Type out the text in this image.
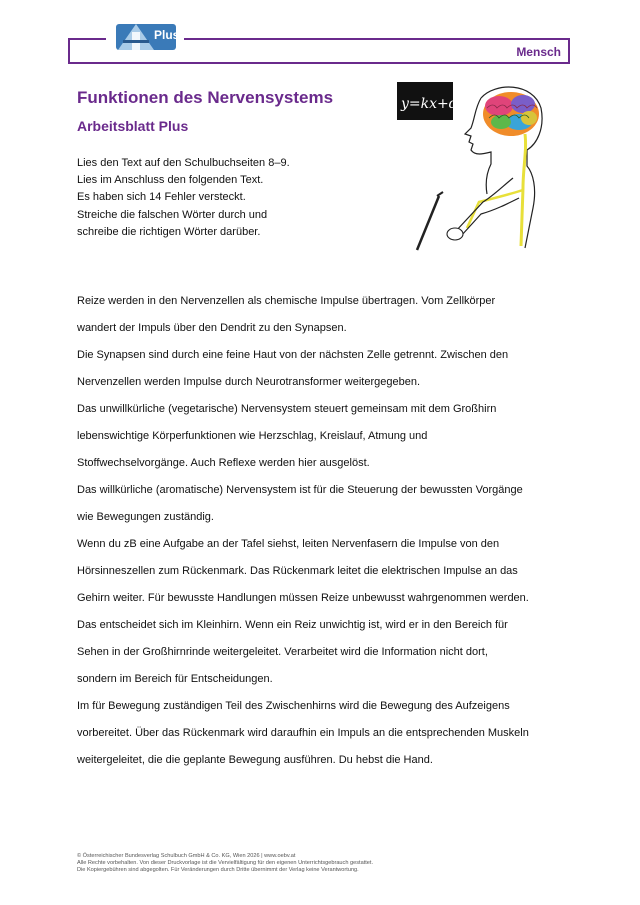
Mensch
Plus
Funktionen des Nervensystems
Arbeitsblatt Plus
Lies den Text auf den Schulbuchseiten 8–9.
Lies im Anschluss den folgenden Text.
Es haben sich 14 Fehler versteckt.
Streiche die falschen Wörter durch und
schreibe die richtigen Wörter darüber.
y=kx+d
Reize werden in den Nervenzellen als chemische Impulse übertragen. Vom Zellkörper
wandert der Impuls über den Dendrit zu den Synapsen.
Die Synapsen sind durch eine feine Haut von der nächsten Zelle getrennt. Zwischen den
Nervenzellen werden Impulse durch Neurotransformer weitergegeben.
Das unwillkürliche (vegetarische) Nervensystem steuert gemeinsam mit dem Großhirn
lebenswichtige Körperfunktionen wie Herzschlag, Kreislauf, Atmung und
Stoffwechselvorgänge. Auch Reflexe werden hier ausgelöst.
Das willkürliche (aromatische) Nervensystem ist für die Steuerung der bewussten Vorgänge
wie Bewegungen zuständig.
Wenn du zB eine Aufgabe an der Tafel siehst, leiten Nervenfasern die Impulse von den
Hörsinneszellen zum Rückenmark. Das Rückenmark leitet die elektrischen Impulse an das
Gehirn weiter. Für bewusste Handlungen müssen Reize unbewusst wahrgenommen werden.
Das entscheidet sich im Kleinhirn. Wenn ein Reiz unwichtig ist, wird er in den Bereich für
Sehen in der Großhirnrinde weitergeleitet. Verarbeitet wird die Information nicht dort,
sondern im Bereich für Entscheidungen.
Im für Bewegung zuständigen Teil des Zwischenhirns wird die Bewegung des Aufzeigens
vorbereitet. Über das Rückenmark wird daraufhin ein Impuls an die entsprechenden Muskeln
weitergeleitet, die die geplante Bewegung ausführen. Du hebst die Hand.
© Österreichischer Bundesverlag Schulbuch GmbH & Co. KG, Wien 2026 | www.oebv.at
Alle Rechte vorbehalten. Von dieser Druckvorlage ist die Vervielfältigung für den eigenen Unterrichtsgebrauch gestattet.
Die Kopiergebühren sind abgegolten. Für Veränderungen durch Dritte übernimmt der Verlag keine Verantwortung.
